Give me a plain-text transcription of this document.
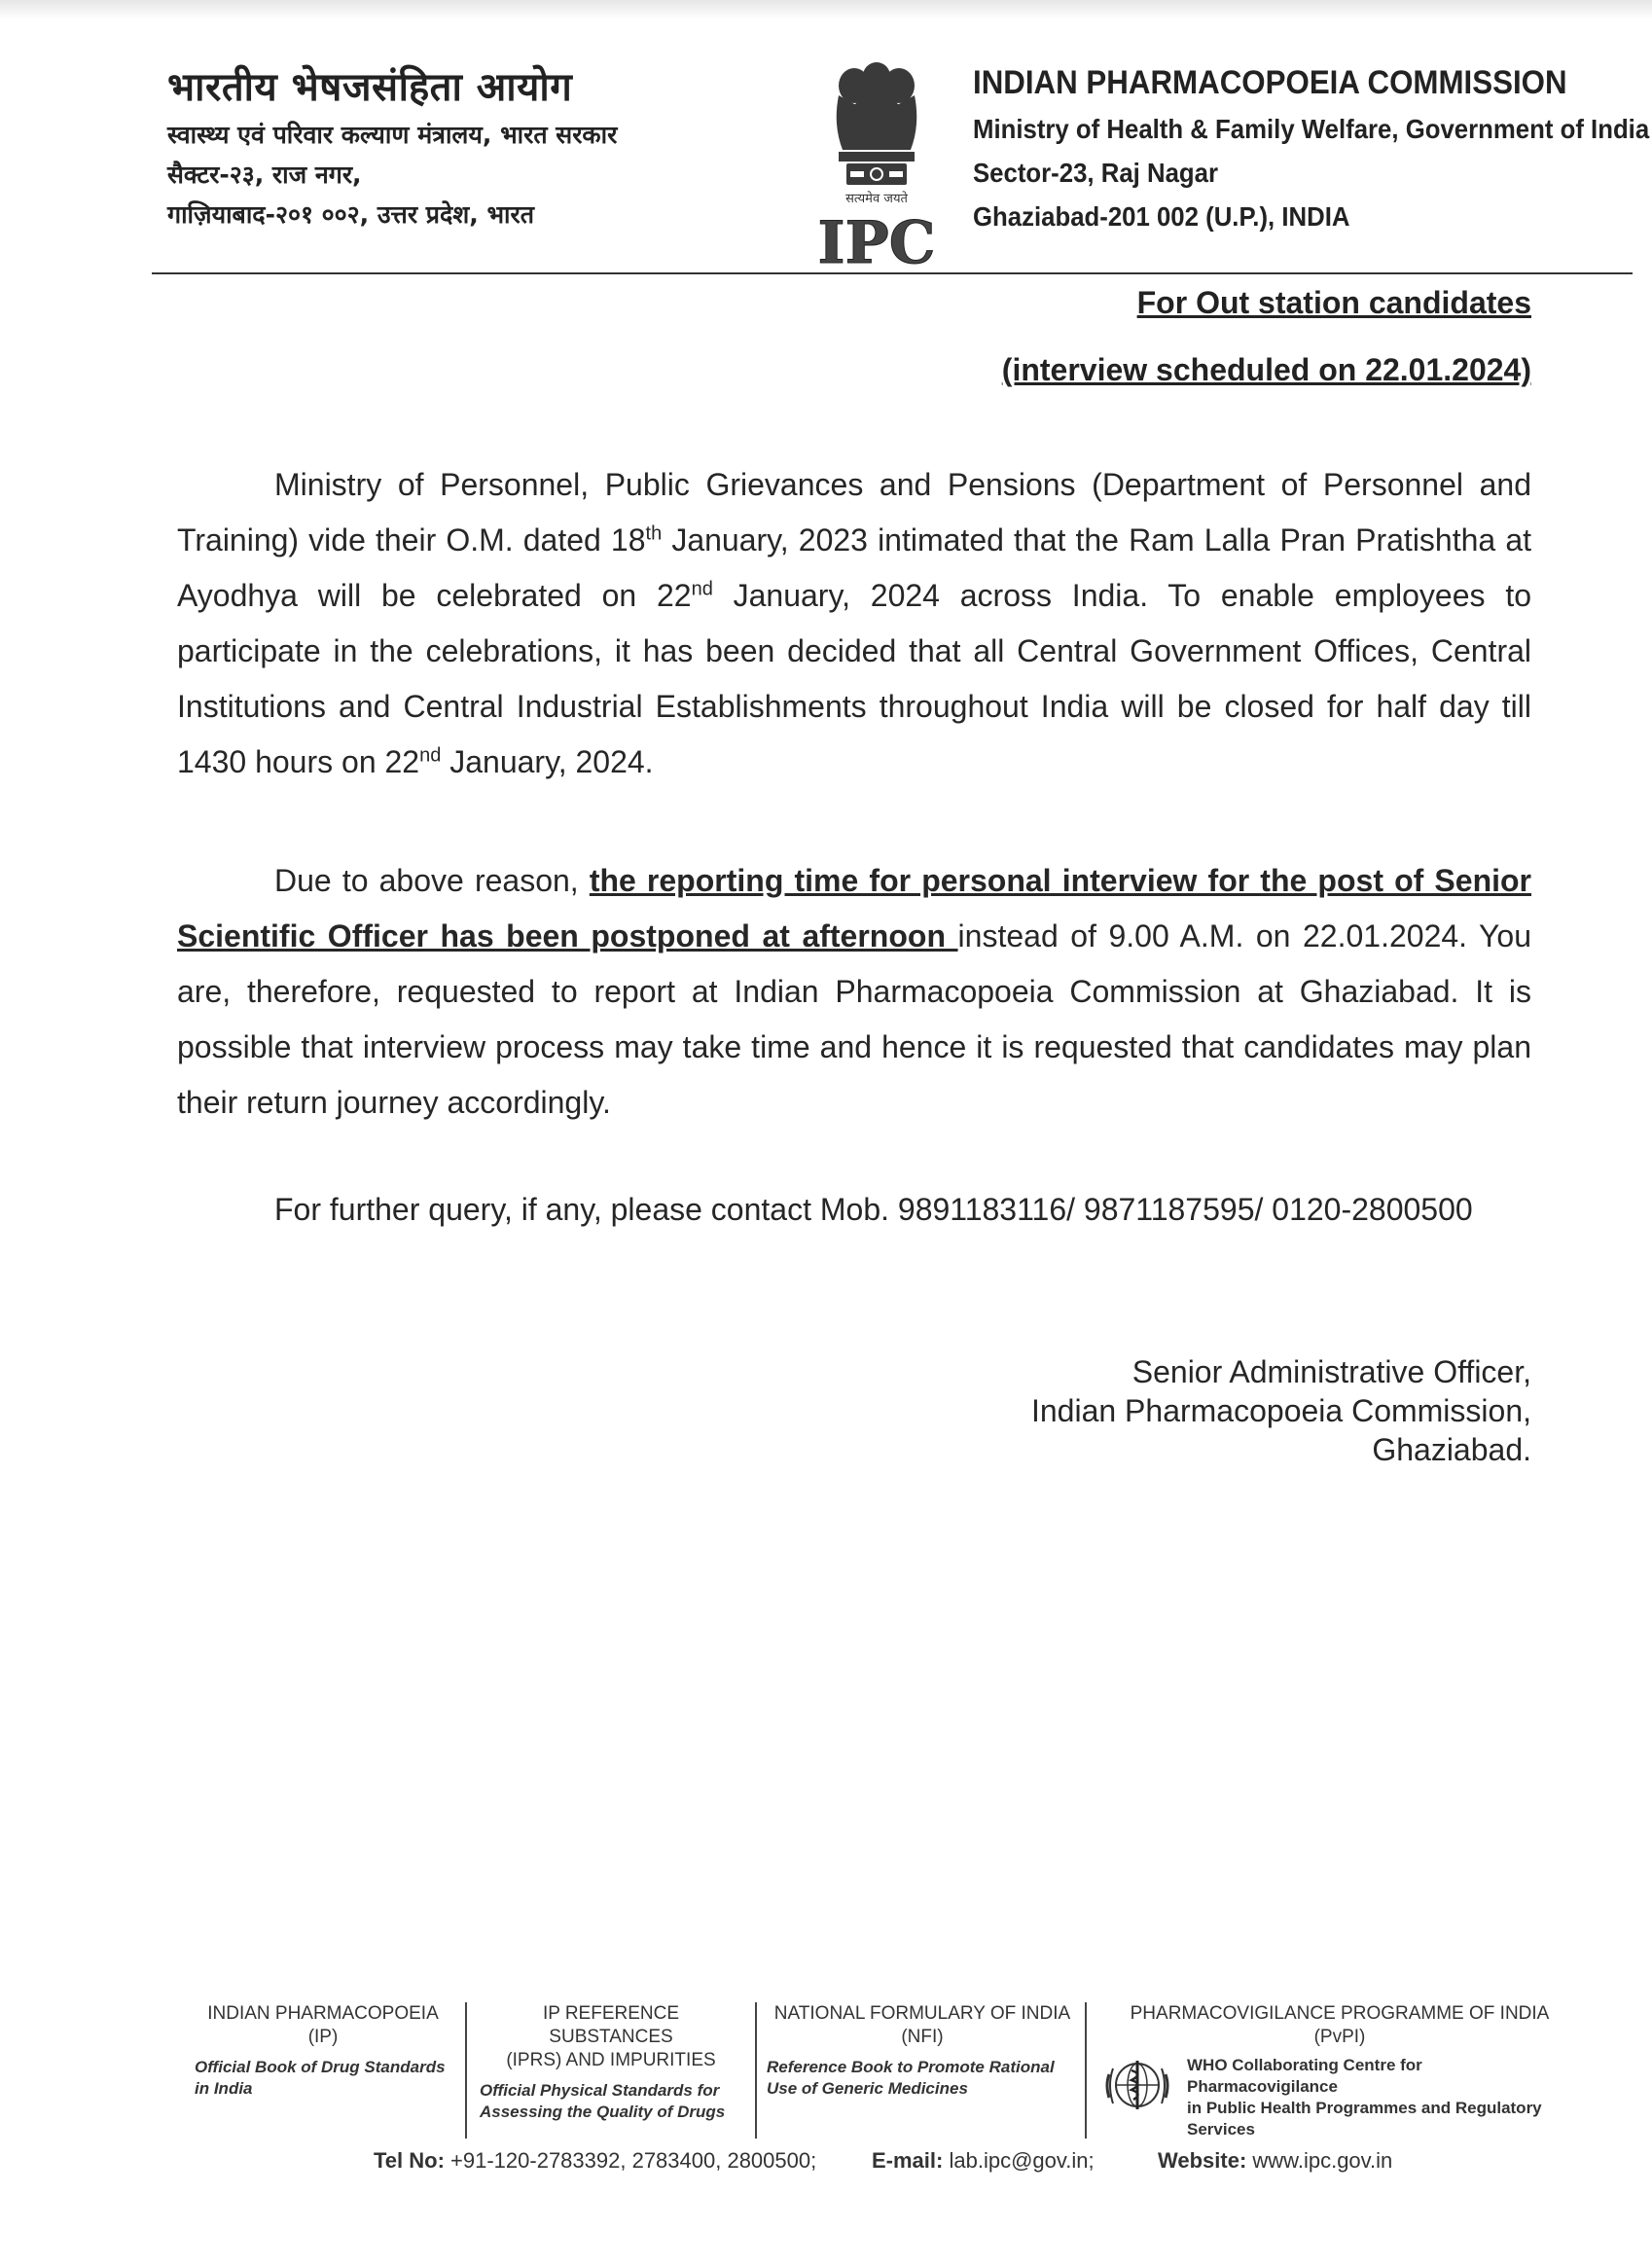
भारतीय भेषजसंहिता आयोग
स्वास्थ्य एवं परिवार कल्याण मंत्रालय, भारत सरकार
सैक्टर-२३, राज नगर,
गाज़ियाबाद-२०१ ००२, उत्तर प्रदेश, भारत
सत्यमेव जयते
IPC
INDIAN PHARMACOPOEIA COMMISSION
Ministry of Health & Family Welfare, Government of India
Sector-23, Raj Nagar
Ghaziabad-201 002 (U.P.), INDIA
For Out station candidates
(interview scheduled on 22.01.2024)

Ministry of Personnel, Public Grievances and Pensions (Department of Personnel and Training) vide their O.M. dated 18th January, 2023 intimated that the Ram Lalla Pran Pratishtha at Ayodhya will be celebrated on 22nd January, 2024 across India. To enable employees to participate in the celebrations, it has been decided that all Central Government Offices, Central Institutions and Central Industrial Establishments throughout India will be closed for half day till 1430 hours on 22nd January, 2024.

Due to above reason, the reporting time for personal interview for the post of Senior Scientific Officer has been postponed at afternoon instead of 9.00 A.M. on 22.01.2024. You are, therefore, requested to report at Indian Pharmacopoeia Commission at Ghaziabad. It is possible that interview process may take time and hence it is requested that candidates may plan their return journey accordingly.

For further query, if any, please contact Mob. 9891183116/ 9871187595/ 0120-2800500

Senior Administrative Officer,
Indian Pharmacopoeia Commission,
Ghaziabad.
INDIAN PHARMACOPOEIA
(IP)
Official Book of Drug Standards
in India
IP REFERENCE SUBSTANCES
(IPRS) AND IMPURITIES
Official Physical Standards for
Assessing the Quality of Drugs
NATIONAL FORMULARY OF INDIA
(NFI)
Reference Book to Promote Rational
Use of Generic Medicines
PHARMACOVIGILANCE PROGRAMME OF INDIA
(PvPI)
WHO Collaborating Centre for Pharmacovigilance
in Public Health Programmes and Regulatory
Services
Tel No: +91-120-2783392, 2783400, 2800500;	E-mail: lab.ipc@gov.in;	Website: www.ipc.gov.in
